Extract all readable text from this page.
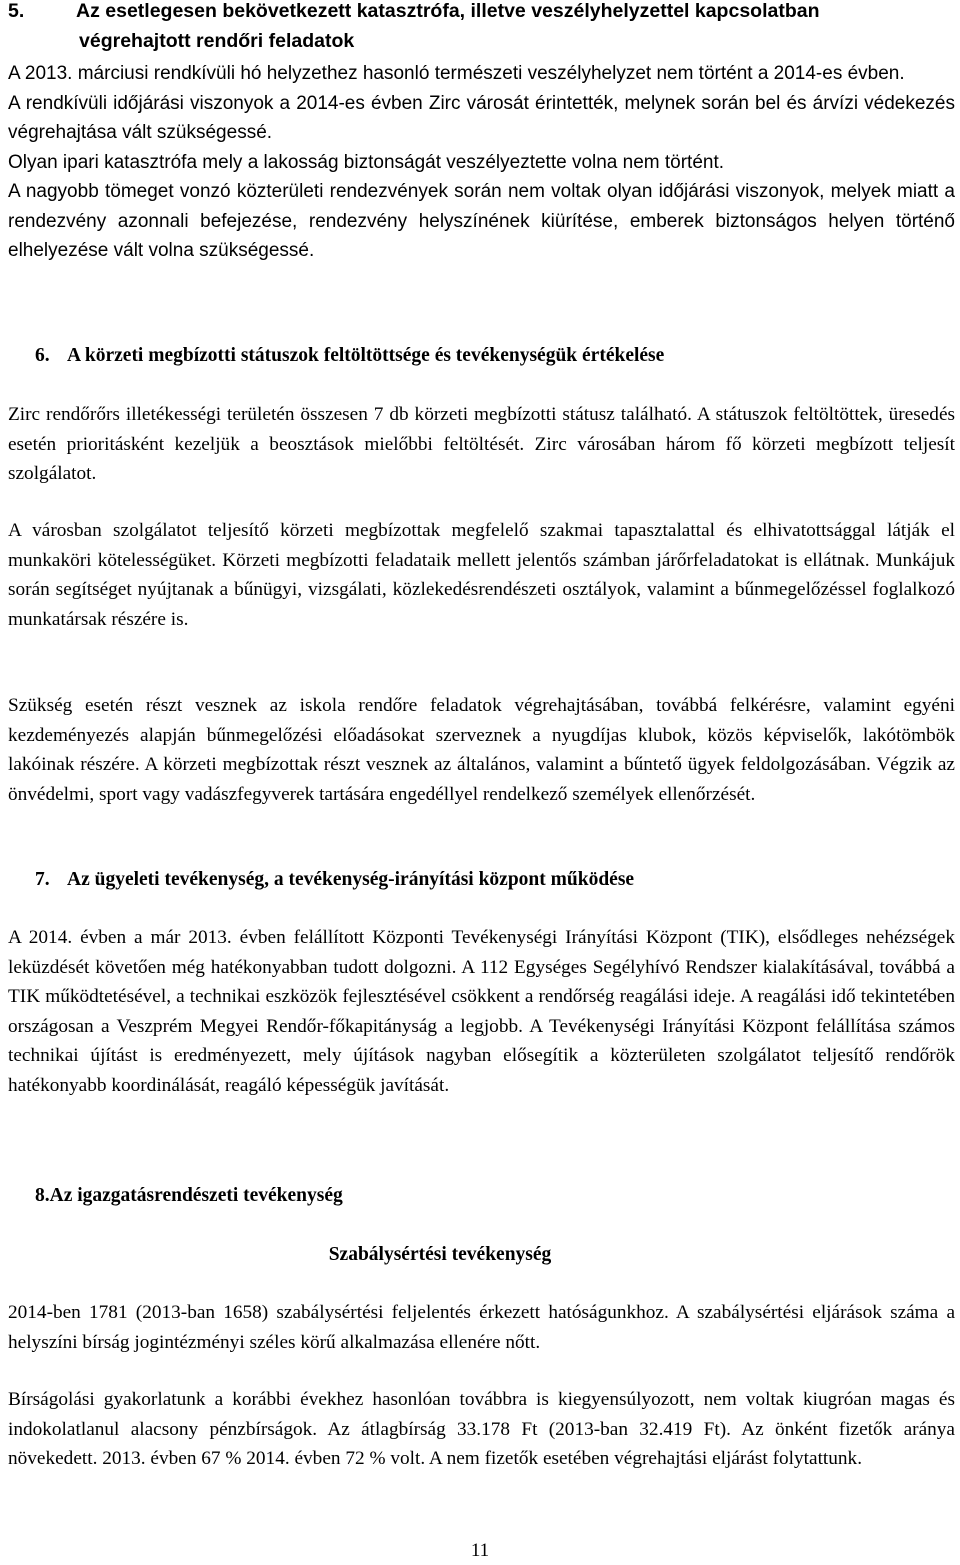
5.	Az esetlegesen bekövetkezett katasztrófa, illetve veszélyhelyzettel kapcsolatban
végrehajtott rendőri feladatok

A 2013. márciusi rendkívüli hó helyzethez hasonló természeti veszélyhelyzet nem történt a 2014-es évben.

A rendkívüli időjárási viszonyok a 2014-es évben Zirc városát érintették, melynek során bel és árvízi védekezés végrehajtása vált szükségessé.

Olyan ipari katasztrófa mely a lakosság biztonságát veszélyeztette volna nem történt.

A nagyobb tömeget vonzó közterületi rendezvények során nem voltak olyan időjárási viszonyok, melyek miatt a rendezvény azonnali befejezése, rendezvény helyszínének kiürítése, emberek biztonságos helyen történő elhelyezése vált volna szükségessé.

6. A körzeti megbízotti státuszok feltöltöttsége és tevékenységük értékelése
Zirc rendőrőrs illetékességi területén összesen 7 db körzeti megbízotti státusz található. A státuszok feltöltöttek, üresedés esetén prioritásként kezeljük a beosztások mielőbbi feltöltését. Zirc városában három fő körzeti megbízott teljesít szolgálatot.
A városban szolgálatot teljesítő körzeti megbízottak megfelelő szakmai tapasztalattal és elhivatottsággal látják el munkaköri kötelességüket. Körzeti megbízotti feladataik mellett jelentős számban járőrfeladatokat is ellátnak. Munkájuk során segítséget nyújtanak a bűnügyi, vizsgálati, közlekedésrendészeti osztályok, valamint a bűnmegelőzéssel foglalkozó munkatársak részére is.
Szükség esetén részt vesznek az iskola rendőre feladatok végrehajtásában, továbbá felkérésre, valamint egyéni kezdeményezés alapján bűnmegelőzési előadásokat szerveznek a nyugdíjas klubok, közös képviselők, lakótömbök lakóinak részére. A körzeti megbízottak részt vesznek az általános, valamint a bűntető ügyek feldolgozásában. Végzik az önvédelmi, sport vagy vadászfegyverek tartására engedéllyel rendelkező személyek ellenőrzését.
7. Az ügyeleti tevékenység, a tevékenység-irányítási központ működése
A 2014. évben a már 2013. évben felállított Központi Tevékenységi Irányítási Központ (TIK), elsődleges nehézségek leküzdését követően még hatékonyabban tudott dolgozni. A 112 Egységes Segélyhívó Rendszer kialakításával, továbbá a TIK működtetésével, a technikai eszközök fejlesztésével csökkent a rendőrség reagálási ideje. A reagálási idő tekintetében országosan a Veszprém Megyei Rendőr-főkapitányság a legjobb. A Tevékenységi Irányítási Központ felállítása számos technikai újítást is eredményezett, mely újítások nagyban elősegítik a közterületen szolgálatot teljesítő rendőrök hatékonyabb koordinálását, reagáló képességük javítását.
8.Az igazgatásrendészeti tevékenység
Szabálysértési tevékenység
2014-ben 1781 (2013-ban 1658) szabálysértési feljelentés érkezett hatóságunkhoz. A szabálysértési eljárások száma a helyszíni bírság jogintézményi széles körű alkalmazása ellenére nőtt.
Bírságolási gyakorlatunk a korábbi évekhez hasonlóan továbbra is kiegyensúlyozott, nem voltak kiugróan magas és indokolatlanul alacsony pénzbírságok. Az átlagbírság 33.178 Ft (2013-ban 32.419 Ft). Az önként fizetők aránya növekedett. 2013. évben 67 % 2014. évben 72 % volt. A nem fizetők esetében végrehajtási eljárást folytattunk.
11
